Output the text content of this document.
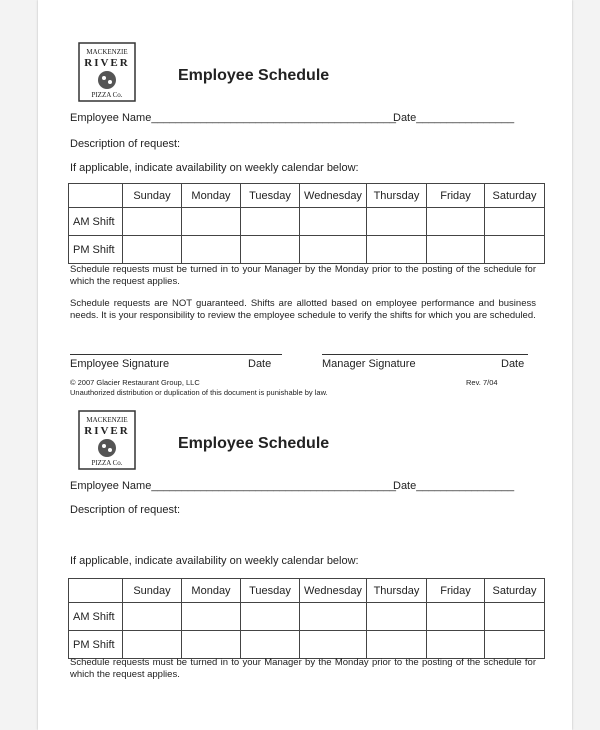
MACKENZIE
RIVER
PIZZA Co.
Employee Schedule
Employee Name________________________________________
Date________________
Description of request:
If applicable, indicate availability on weekly calendar below:
	Sunday	Monday	Tuesday	Wednesday	Thursday	Friday	Saturday
AM Shift							
PM Shift							
Schedule requests must be turned in to your Manager by the Monday prior to the posting of the schedule for which the request applies.
Schedule requests are NOT guaranteed. Shifts are allotted based on employee performance and business needs. It is your responsibility to review the employee schedule to verify the shifts for which you are scheduled.
Employee Signature	Date	Manager Signature	Date
© 2007 Glacier Restaurant Group, LLC	Rev. 7/04
Unauthorized distribution or duplication of this document is punishable by law.
MACKENZIE
RIVER
PIZZA Co.
Employee Schedule
Employee Name________________________________________
Date________________
Description of request:
If applicable, indicate availability on weekly calendar below:
	Sunday	Monday	Tuesday	Wednesday	Thursday	Friday	Saturday
AM Shift							
PM Shift							
Schedule requests must be turned in to your Manager by the Monday prior to the posting of the schedule for which the request applies.
